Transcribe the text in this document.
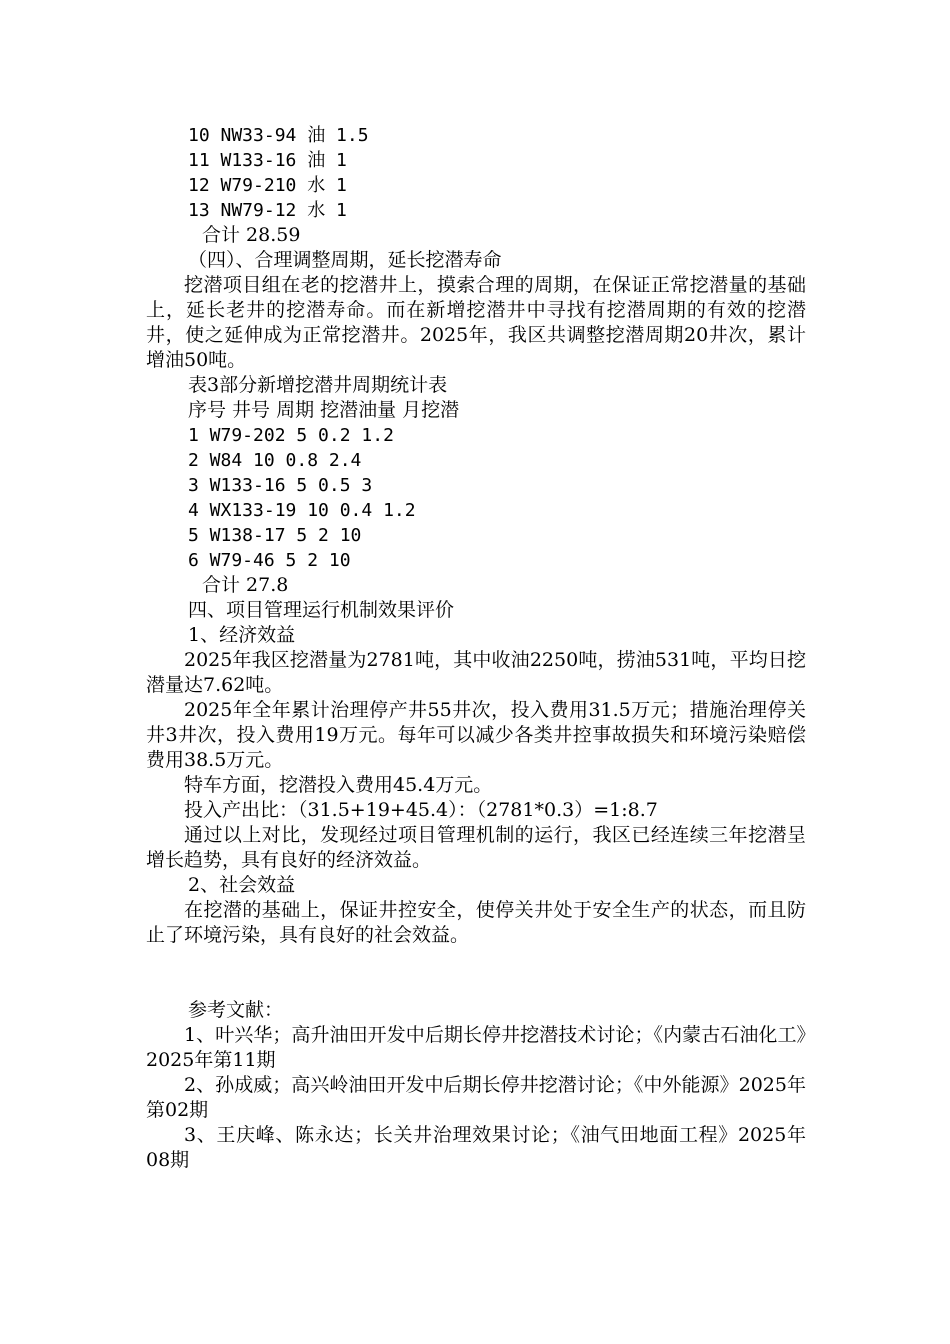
10 NW33-94 油 1.5
11 W133-16 油 1
12 W79-210 水 1
13 NW79-12 水 1
合计 28.59
（四）、合理调整周期，延长挖潜寿命

挖潜项目组在老的挖潜井上，摸索合理的周期，在保证正常挖潜量的基础上，延长老井的挖潜寿命。而在新增挖潜井中寻找有挖潜周期的有效的挖潜井，使之延伸成为正常挖潜井。2025年，我区共调整挖潜周期20井次，累计增油50吨。

表3部分新增挖潜井周期统计表
序号 井号 周期 挖潜油量 月挖潜
1 W79-202 5 0.2 1.2
2 W84 10 0.8 2.4
3 W133-16 5 0.5 3
4 WX133-19 10 0.4 1.2
5 W138-17 5 2 10
6 W79-46 5 2 10
合计 27.8
四、项目管理运行机制效果评价
1、经济效益

2025年我区挖潜量为2781吨，其中收油2250吨，捞油531吨，平均日挖潜量达7.62吨。

2025年全年累计治理停产井55井次，投入费用31.5万元；措施治理停关井3井次，投入费用19万元。每年可以减少各类井控事故损失和环境污染赔偿费用38.5万元。

特车方面，挖潜投入费用45.4万元。

投入产出比：（31.5+19+45.4）：（2781*0.3）=1:8.7

通过以上对比，发现经过项目管理机制的运行，我区已经连续三年挖潜呈增长趋势，具有良好的经济效益。

2、社会效益

在挖潜的基础上，保证井控安全，使停关井处于安全生产的状态，而且防止了环境污染，具有良好的社会效益。

参考文献：

1、叶兴华；高升油田开发中后期长停井挖潜技术讨论；《内蒙古石油化工》2025年第11期

2、孙成威；高兴岭油田开发中后期长停井挖潜讨论；《中外能源》2025年第02期

3、王庆峰、陈永达；长关井治理效果讨论；《油气田地面工程》2025年08期
